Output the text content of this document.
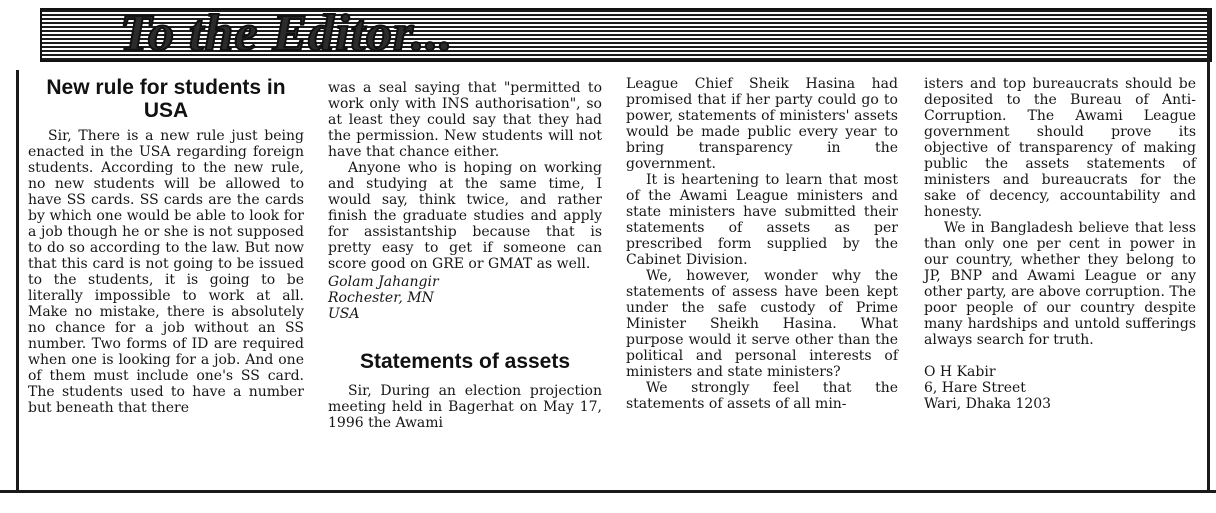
To the Editor...
New rule for students in USA

Sir, There is a new rule just being enacted in the USA regarding foreign students. According to the new rule, no new students will be allowed to have SS cards. SS cards are the cards by which one would be able to look for a job though he or she is not supposed to do so according to the law. But now that this card is not going to be issued to the students, it is going to be literally impossible to work at all. Make no mistake, there is absolutely no chance for a job without an SS number. Two forms of ID are required when one is looking for a job. And one of them must include one's SS card. The students used to have a number but beneath that there

was a seal saying that "permitted to work only with INS authorisation", so at least they could say that they had the permission. New students will not have that chance either.

Anyone who is hoping on working and studying at the same time, I would say, think twice, and rather finish the graduate studies and apply for assistantship because that is pretty easy to get if someone can score good on GRE or GMAT as well.

Golam Jahangir
Rochester, MN
USA
Statements of assets

Sir, During an election projection meeting held in Bagerhat on May 17, 1996 the Awami

League Chief Sheik Hasina had promised that if her party could go to power, statements of ministers' assets would be made public every year to bring transparency in the government.

It is heartening to learn that most of the Awami League ministers and state ministers have submitted their statements of assets as per prescribed form supplied by the Cabinet Division.

We, however, wonder why the statements of assess have been kept under the safe custody of Prime Minister Sheikh Hasina. What purpose would it serve other than the political and personal interests of ministers and state ministers?

We strongly feel that the statements of assets of all min-

isters and top bureaucrats should be deposited to the Bureau of Anti-Corruption. The Awami League government should prove its objective of transparency of making public the assets statements of ministers and bureaucrats for the sake of decency, accountability and honesty.

We in Bangladesh believe that less than only one per cent in power in our country, whether they belong to JP, BNP and Awami League or any other party, are above corruption. The poor people of our country despite many hardships and untold sufferings always search for truth.

O H Kabir
6, Hare Street
Wari, Dhaka 1203
